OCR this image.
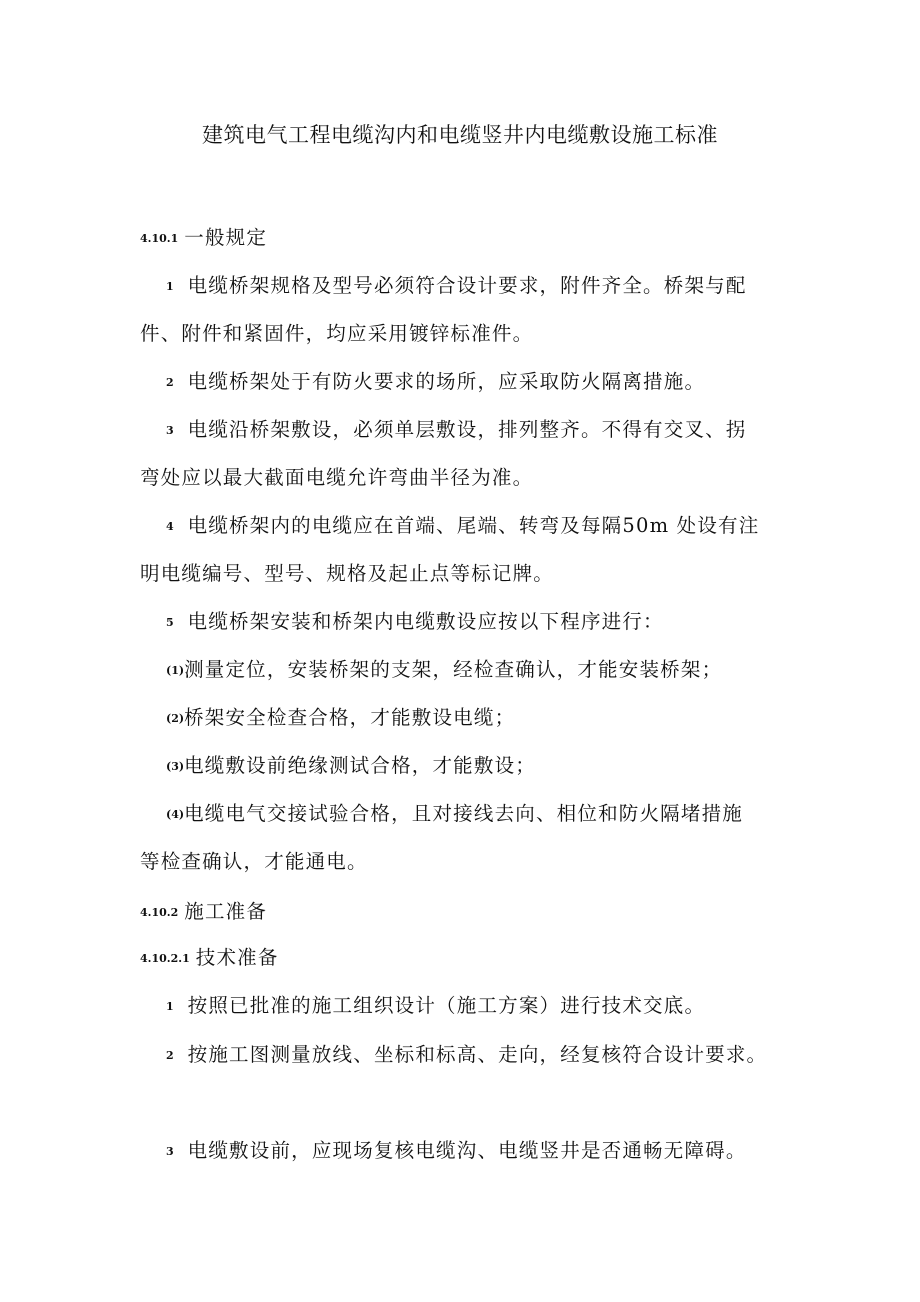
建筑电气工程电缆沟内和电缆竖井内电缆敷设施工标准
4.10.1 一般规定
1 电缆桥架规格及型号必须符合设计要求，附件齐全。桥架与配
件、附件和紧固件，均应采用镀锌标准件。
2 电缆桥架处于有防火要求的场所，应采取防火隔离措施。
3 电缆沿桥架敷设，必须单层敷设，排列整齐。不得有交叉、拐
弯处应以最大截面电缆允许弯曲半径为准。
4 电缆桥架内的电缆应在首端、尾端、转弯及每隔50m 处设有注
明电缆编号、型号、规格及起止点等标记牌。
5 电缆桥架安装和桥架内电缆敷设应按以下程序进行：
(1)测量定位，安装桥架的支架，经检查确认，才能安装桥架；
(2)桥架安全检查合格，才能敷设电缆；
(3)电缆敷设前绝缘测试合格，才能敷设；
(4)电缆电气交接试验合格，且对接线去向、相位和防火隔堵措施
等检查确认，才能通电。
4.10.2 施工准备
4.10.2.1 技术准备
1 按照已批准的施工组织设计（施工方案）进行技术交底。
2 按施工图测量放线、坐标和标高、走向，经复核符合设计要求。
3 电缆敷设前，应现场复核电缆沟、电缆竖井是否通畅无障碍。
